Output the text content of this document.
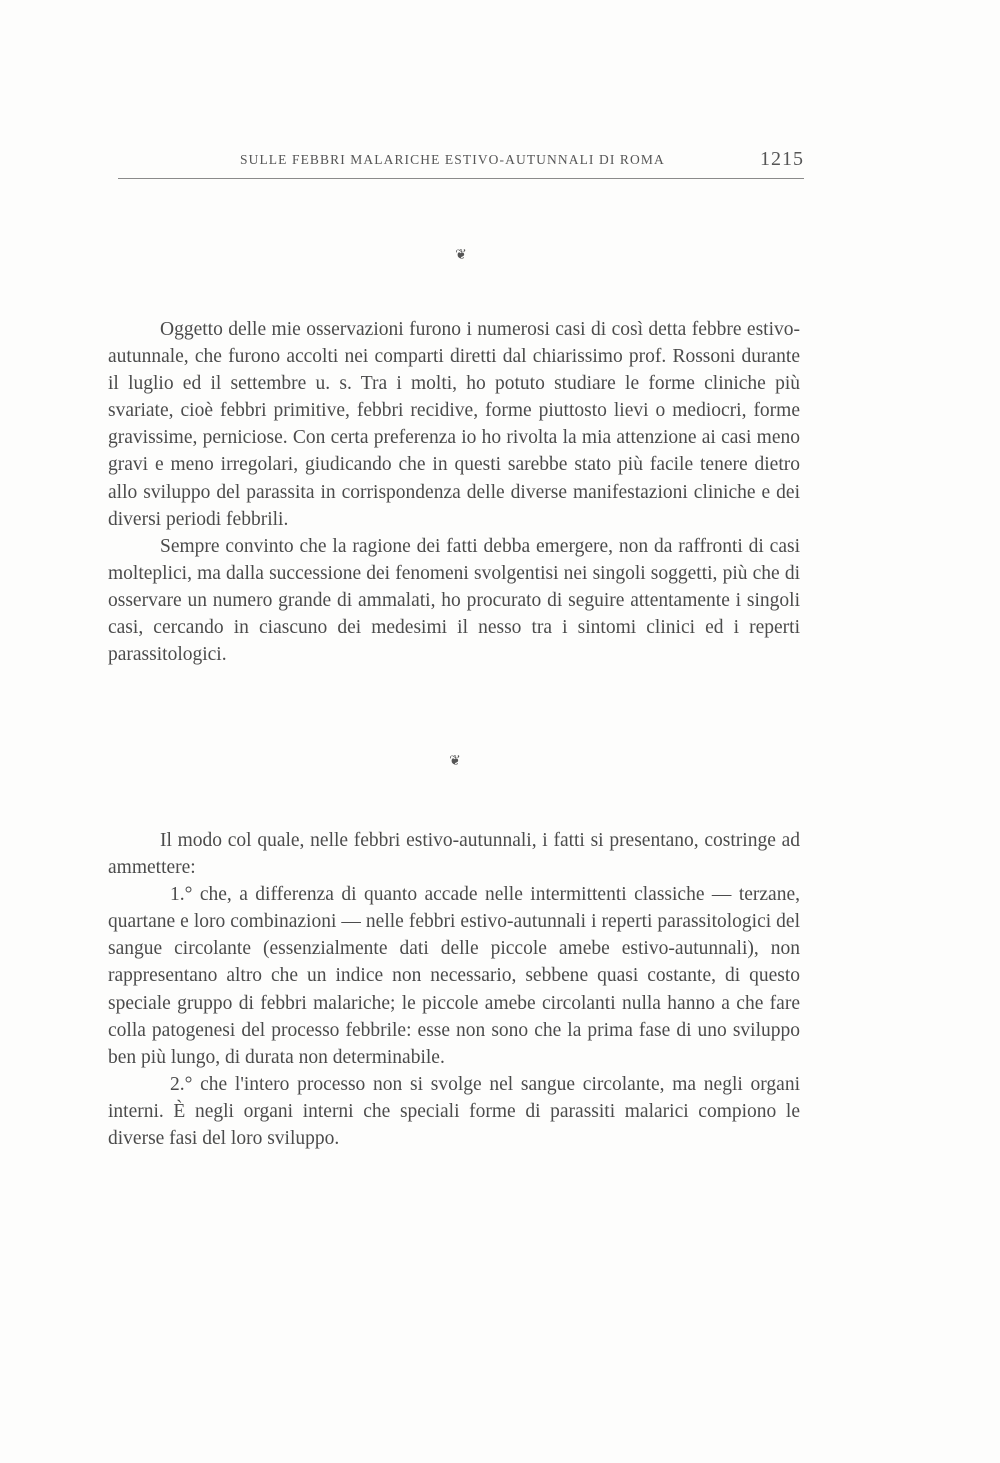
SULLE FEBBRI MALARICHE ESTIVO-AUTUNNALI DI ROMA	1215
❦

Oggetto delle mie osservazioni furono i numerosi casi di così detta febbre estivo-autunnale, che furono accolti nei comparti diretti dal chiarissimo prof. Rossoni durante il luglio ed il settembre u. s. Tra i molti, ho potuto studiare le forme cliniche più svariate, cioè febbri primitive, febbri recidive, forme piuttosto lievi o mediocri, forme gravissime, perniciose. Con certa preferenza io ho rivolta la mia attenzione ai casi meno gravi e meno irregolari, giudicando che in questi sarebbe stato più facile tenere dietro allo sviluppo del parassita in corrispondenza delle diverse manifestazioni cliniche e dei diversi periodi febbrili.

Sempre convinto che la ragione dei fatti debba emergere, non da raffronti di casi molteplici, ma dalla successione dei fenomeni svolgentisi nei singoli soggetti, più che di osservare un numero grande di ammalati, ho procurato di seguire attentamente i singoli casi, cercando in ciascuno dei medesimi il nesso tra i sintomi clinici ed i reperti parassitologici.

❦

Il modo col quale, nelle febbri estivo-autunnali, i fatti si presentano, costringe ad ammettere:

1.° che, a differenza di quanto accade nelle intermittenti classiche — terzane, quartane e loro combinazioni — nelle febbri estivo-autunnali i reperti parassitologici del sangue circolante (essenzialmente dati delle piccole amebe estivo-autunnali), non rappresentano altro che un indice non necessario, sebbene quasi costante, di questo speciale gruppo di febbri malariche; le piccole amebe circolanti nulla hanno a che fare colla patogenesi del processo febbrile: esse non sono che la prima fase di uno sviluppo ben più lungo, di durata non determinabile.

2.° che l'intero processo non si svolge nel sangue circolante, ma negli organi interni. È negli organi interni che speciali forme di parassiti malarici compiono le diverse fasi del loro sviluppo.
